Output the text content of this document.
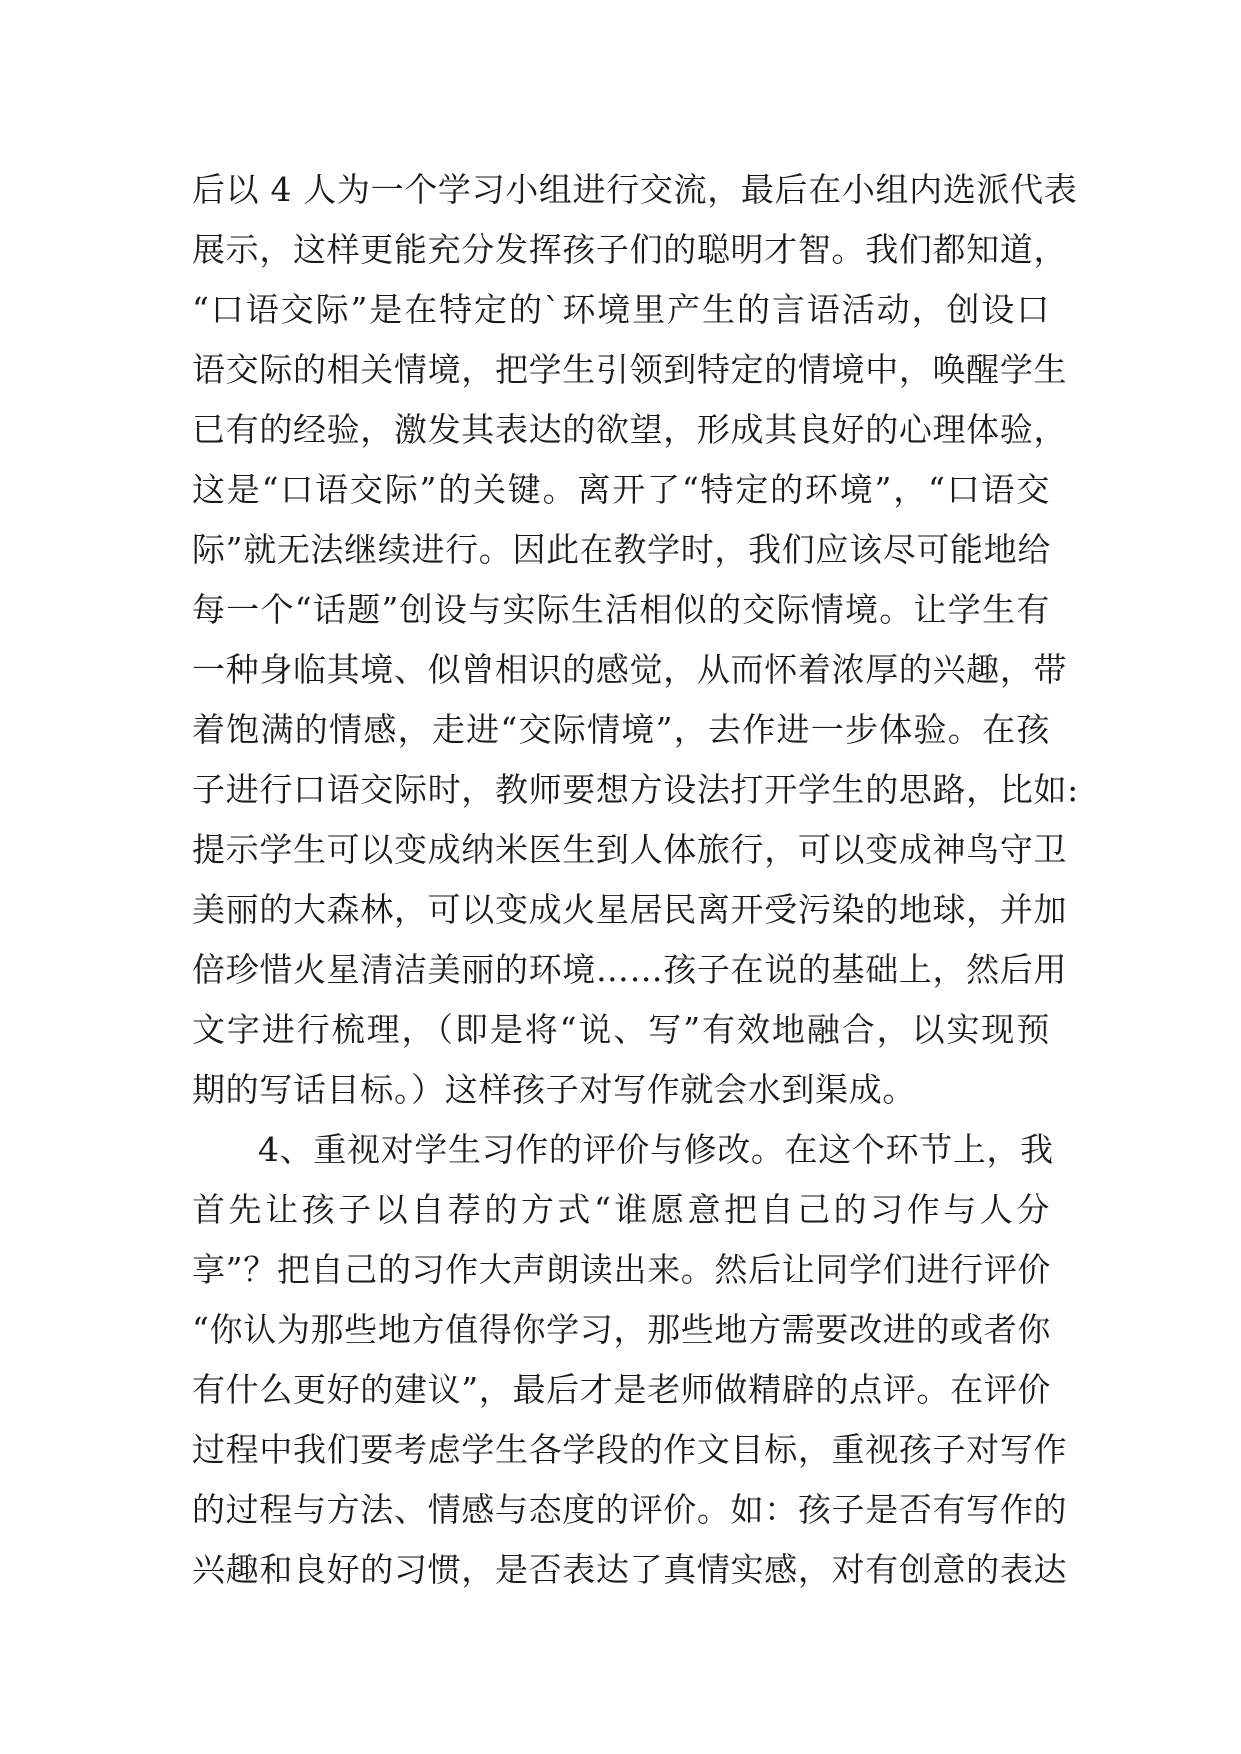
后以 4 人为一个学习小组进行交流，最后在小组内选派代表
展示，这样更能充分发挥孩子们的聪明才智。我们都知道，
“口语交际”是在特定的`环境里产生的言语活动，创设口
语交际的相关情境，把学生引领到特定的情境中，唤醒学生
已有的经验，激发其表达的欲望，形成其良好的心理体验，
这是“口语交际”的关键。离开了“特定的环境”，“口语交
际”就无法继续进行。因此在教学时，我们应该尽可能地给
每一个“话题”创设与实际生活相似的交际情境。让学生有
一种身临其境、似曾相识的感觉，从而怀着浓厚的兴趣，带
着饱满的情感，走进“交际情境”，去作进一步体验。在孩
子进行口语交际时，教师要想方设法打开学生的思路，比如:
提示学生可以变成纳米医生到人体旅行，可以变成神鸟守卫
美丽的大森林，可以变成火星居民离开受污染的地球，并加
倍珍惜火星清洁美丽的环境……孩子在说的基础上，然后用
文字进行梳理，（即是将“说、写”有效地融合，以实现预
期的写话目标。）这样孩子对写作就会水到渠成。
4、重视对学生习作的评价与修改。在这个环节上，我
首先让孩子以自荐的方式“谁愿意把自己的习作与人分
享”？把自己的习作大声朗读出来。然后让同学们进行评价
“你认为那些地方值得你学习，那些地方需要改进的或者你
有什么更好的建议”，最后才是老师做精辟的点评。在评价
过程中我们要考虑学生各学段的作文目标，重视孩子对写作
的过程与方法、情感与态度的评价。如：孩子是否有写作的
兴趣和良好的习惯，是否表达了真情实感，对有创意的表达
